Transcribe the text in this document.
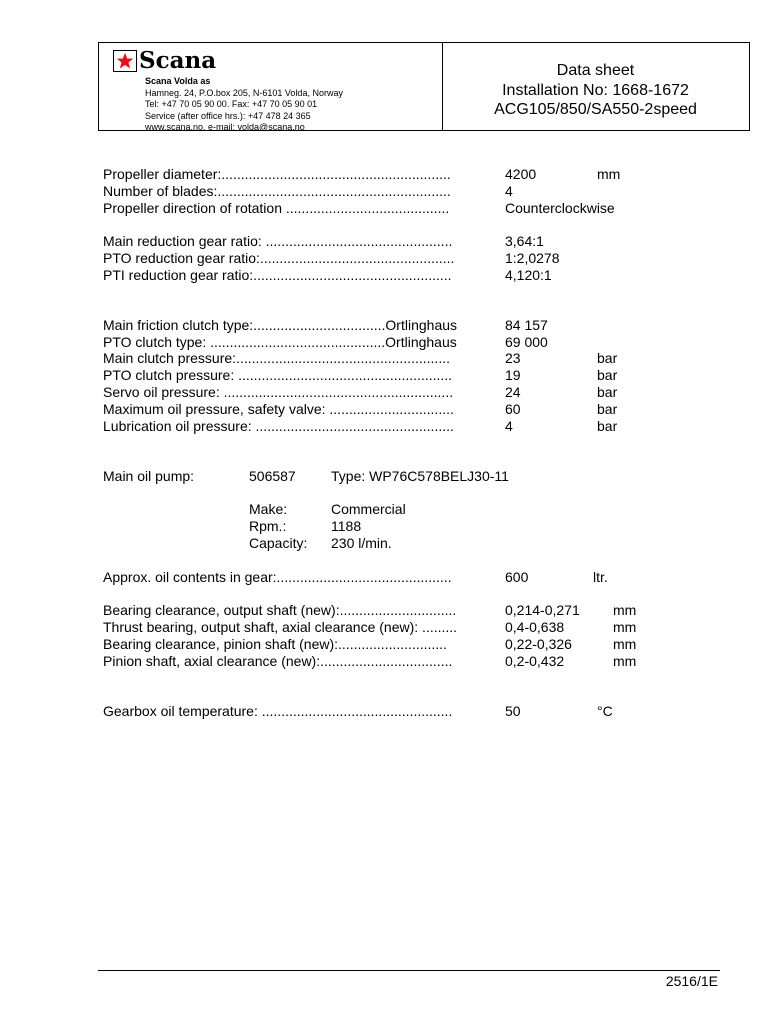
Scana
Scana Volda as
Hamneg. 24, P.O.box 205, N-6101 Volda, Norway
Tel: +47 70 05 90 00. Fax: +47 70 05 90 01
Service (after office hrs.): +47 478 24 365
www.scana.no, e-mail: volda@scana.no
Data sheet
Installation No: 1668-1672
ACG105/850/SA550-2speed
Propeller diameter:...........................................................	4200	mm
Number of blades:............................................................	4
Propeller direction of rotation ..........................................	Counterclockwise
Main reduction gear ratio: ................................................	3,64:1
PTO reduction gear ratio:..................................................	1:2,0278
PTI reduction gear ratio:...................................................	4,120:1
Main friction clutch type:..................................Ortlinghaus	84 157
PTO clutch type: .............................................Ortlinghaus	69 000
Main clutch pressure:.......................................................	23	bar
PTO clutch pressure: .......................................................	19	bar
Servo oil pressure: ...........................................................	24	bar
Maximum oil pressure, safety valve: ................................	60	bar
Lubrication oil pressure: ...................................................	4	bar
Main oil pump:	506587	Type: WP76C578BELJ30-11
Make:	Commercial
Rpm.:	1188
Capacity: 230 l/min.
Approx. oil contents in gear:.............................................	600	ltr.
Bearing clearance, output shaft (new):..............................	0,214-0,271 mm
Thrust bearing, output shaft, axial clearance (new): .........	0,4-0,638	mm
Bearing clearance, pinion shaft (new):............................	0,22-0,326	mm
Pinion shaft, axial clearance (new):..................................	0,2-0,432	mm
Gearbox oil temperature: .................................................	50	°C
2516/1E
